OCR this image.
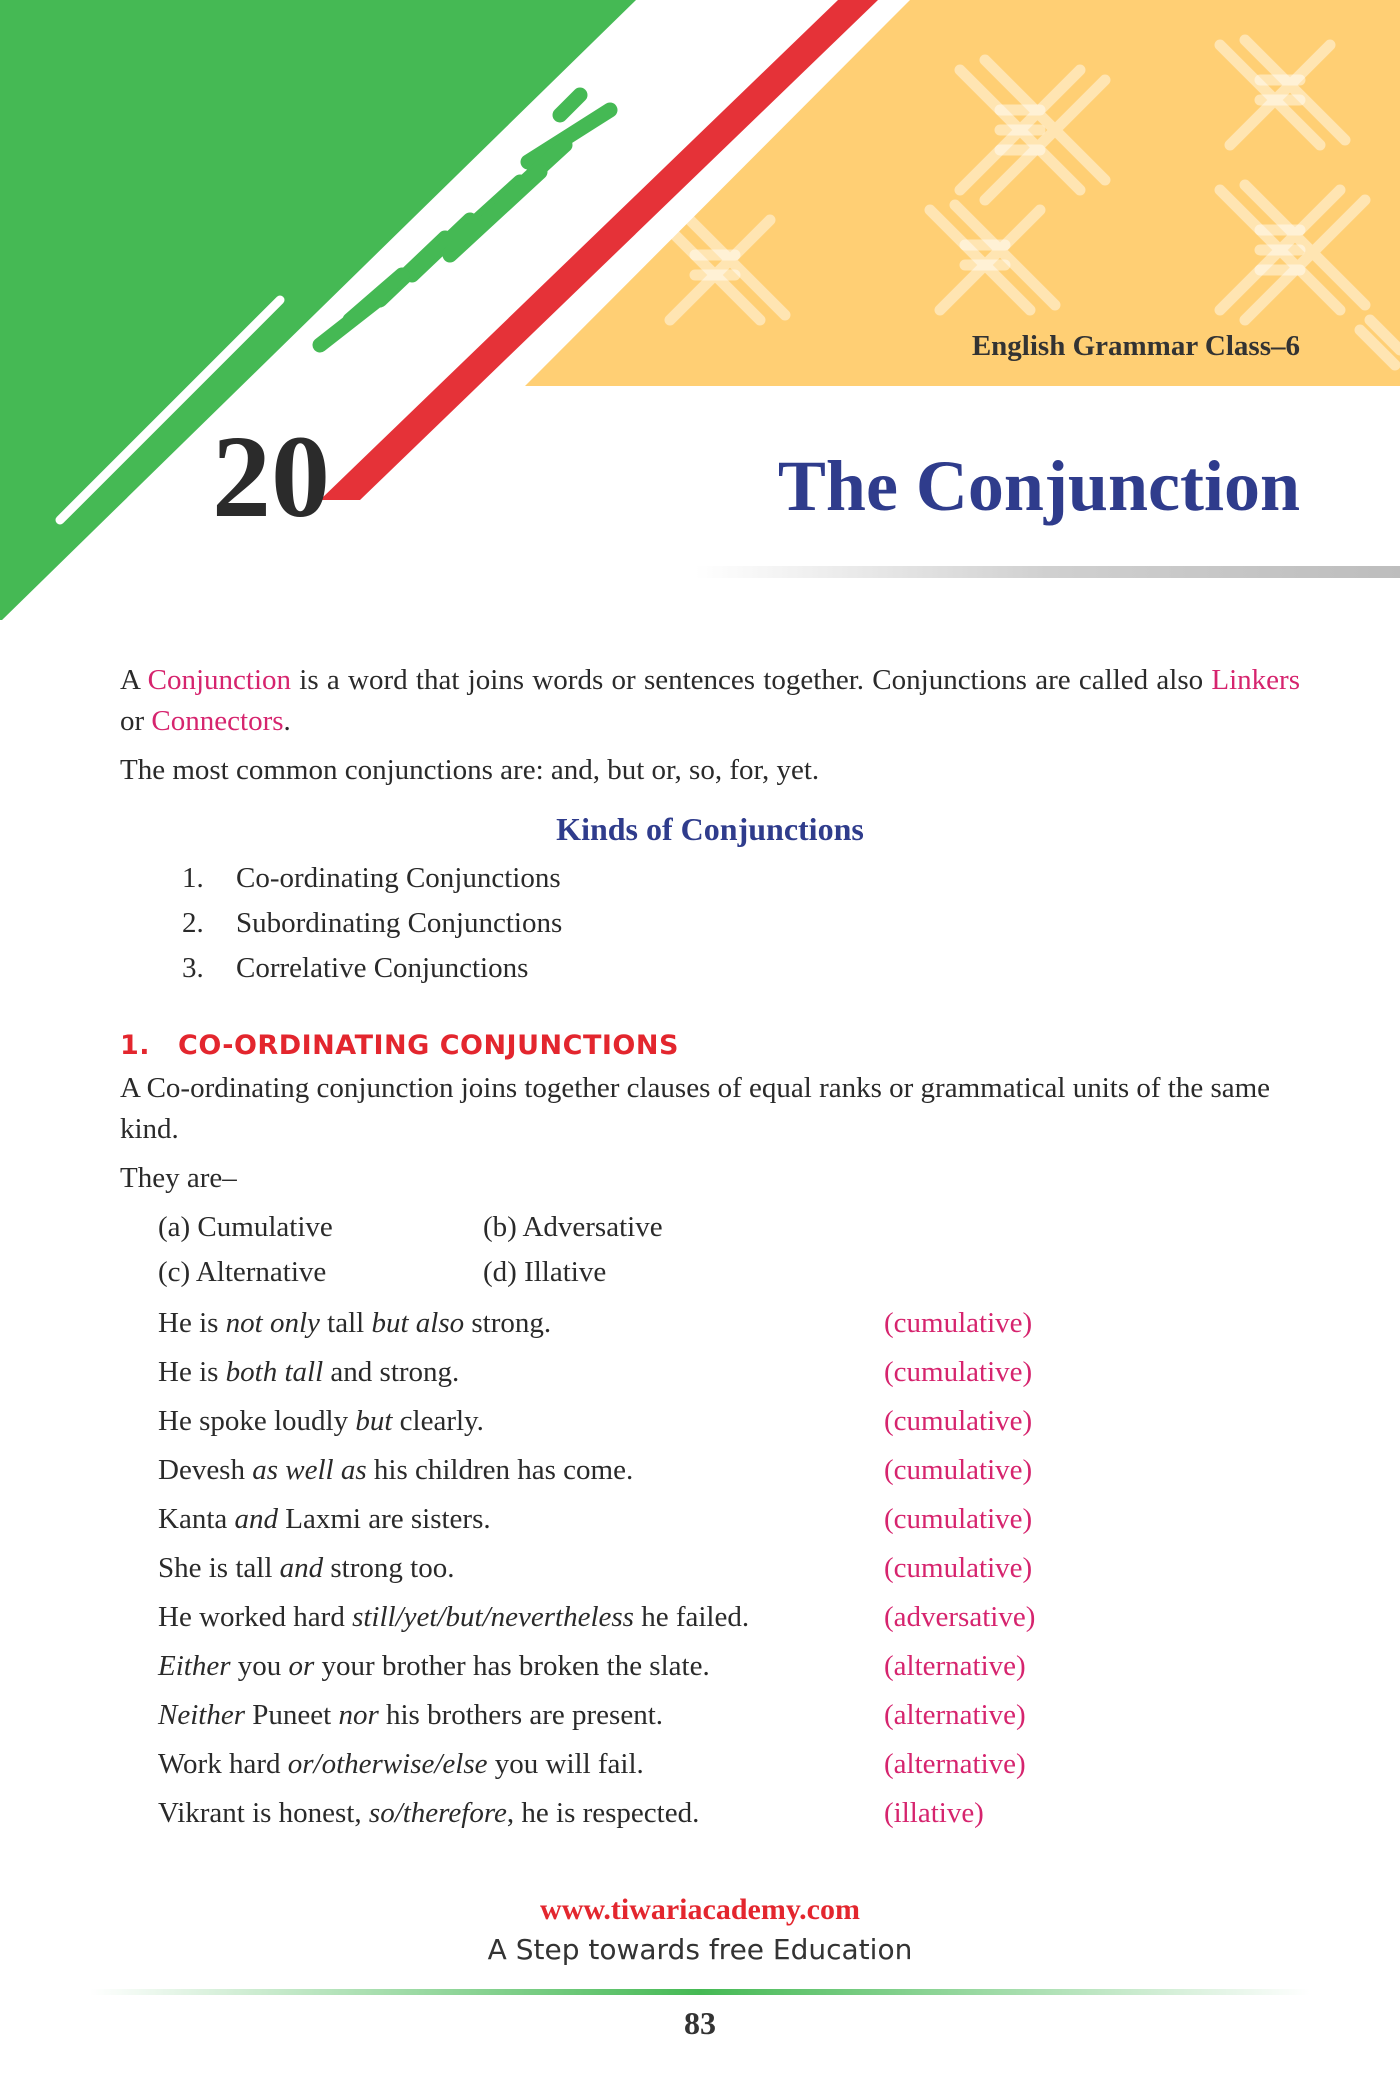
English Grammar Class–6
20	The Conjunction

A Conjunction is a word that joins words or sentences together. Conjunctions are called also Linkers or Connectors.

The most common conjunctions are: and, but or, so, for, yet.

Kinds of Conjunctions
1. Co-ordinating Conjunctions
2. Subordinating Conjunctions
3. Correlative Conjunctions
1. CO-ORDINATING CONJUNCTIONS

A Co-ordinating conjunction joins together clauses of equal ranks or grammatical units of the same kind.

They are–

(a) Cumulative	(b) Adversative
(c) Alternative	(d) Illative
He is not only tall but also strong.	(cumulative)
He is both tall and strong.	(cumulative)
He spoke loudly but clearly.	(cumulative)
Devesh as well as his children has come.	(cumulative)
Kanta and Laxmi are sisters.	(cumulative)
She is tall and strong too.	(cumulative)
He worked hard still/yet/but/nevertheless he failed.	(adversative)
Either you or your brother has broken the slate.	(alternative)
Neither Puneet nor his brothers are present.	(alternative)
Work hard or/otherwise/else you will fail.	(alternative)
Vikrant is honest, so/therefore, he is respected.	(illative)
www.tiwariacademy.com
A Step towards free Education
83
